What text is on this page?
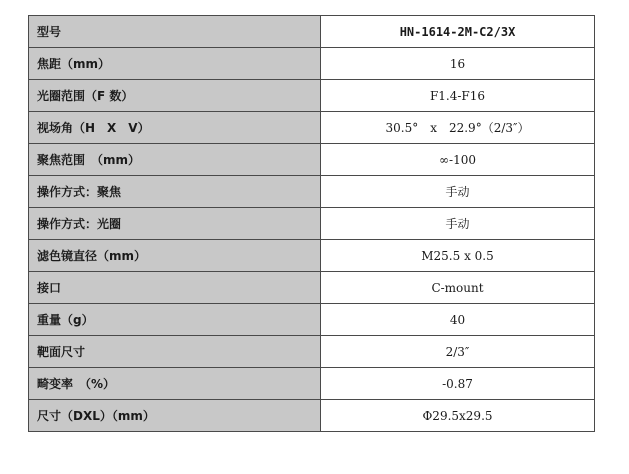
型号	HN-1614-2M-C2/3X
焦距（mm）	16
光圈范围（F 数）	F1.4-F16
视场角（H　X　V）	30.5°　x　22.9°（2/3″）
聚焦范围　（mm）	∞-100
操作方式：聚焦	手动
操作方式：光圈	手动
滤色镜直径（mm）	M25.5 x 0.5
接口	C-mount
重量（g）	40
靶面尺寸	2/3″
畸变率　（%）	-0.87
尺寸（DXL）（mm）	Φ29.5x29.5
